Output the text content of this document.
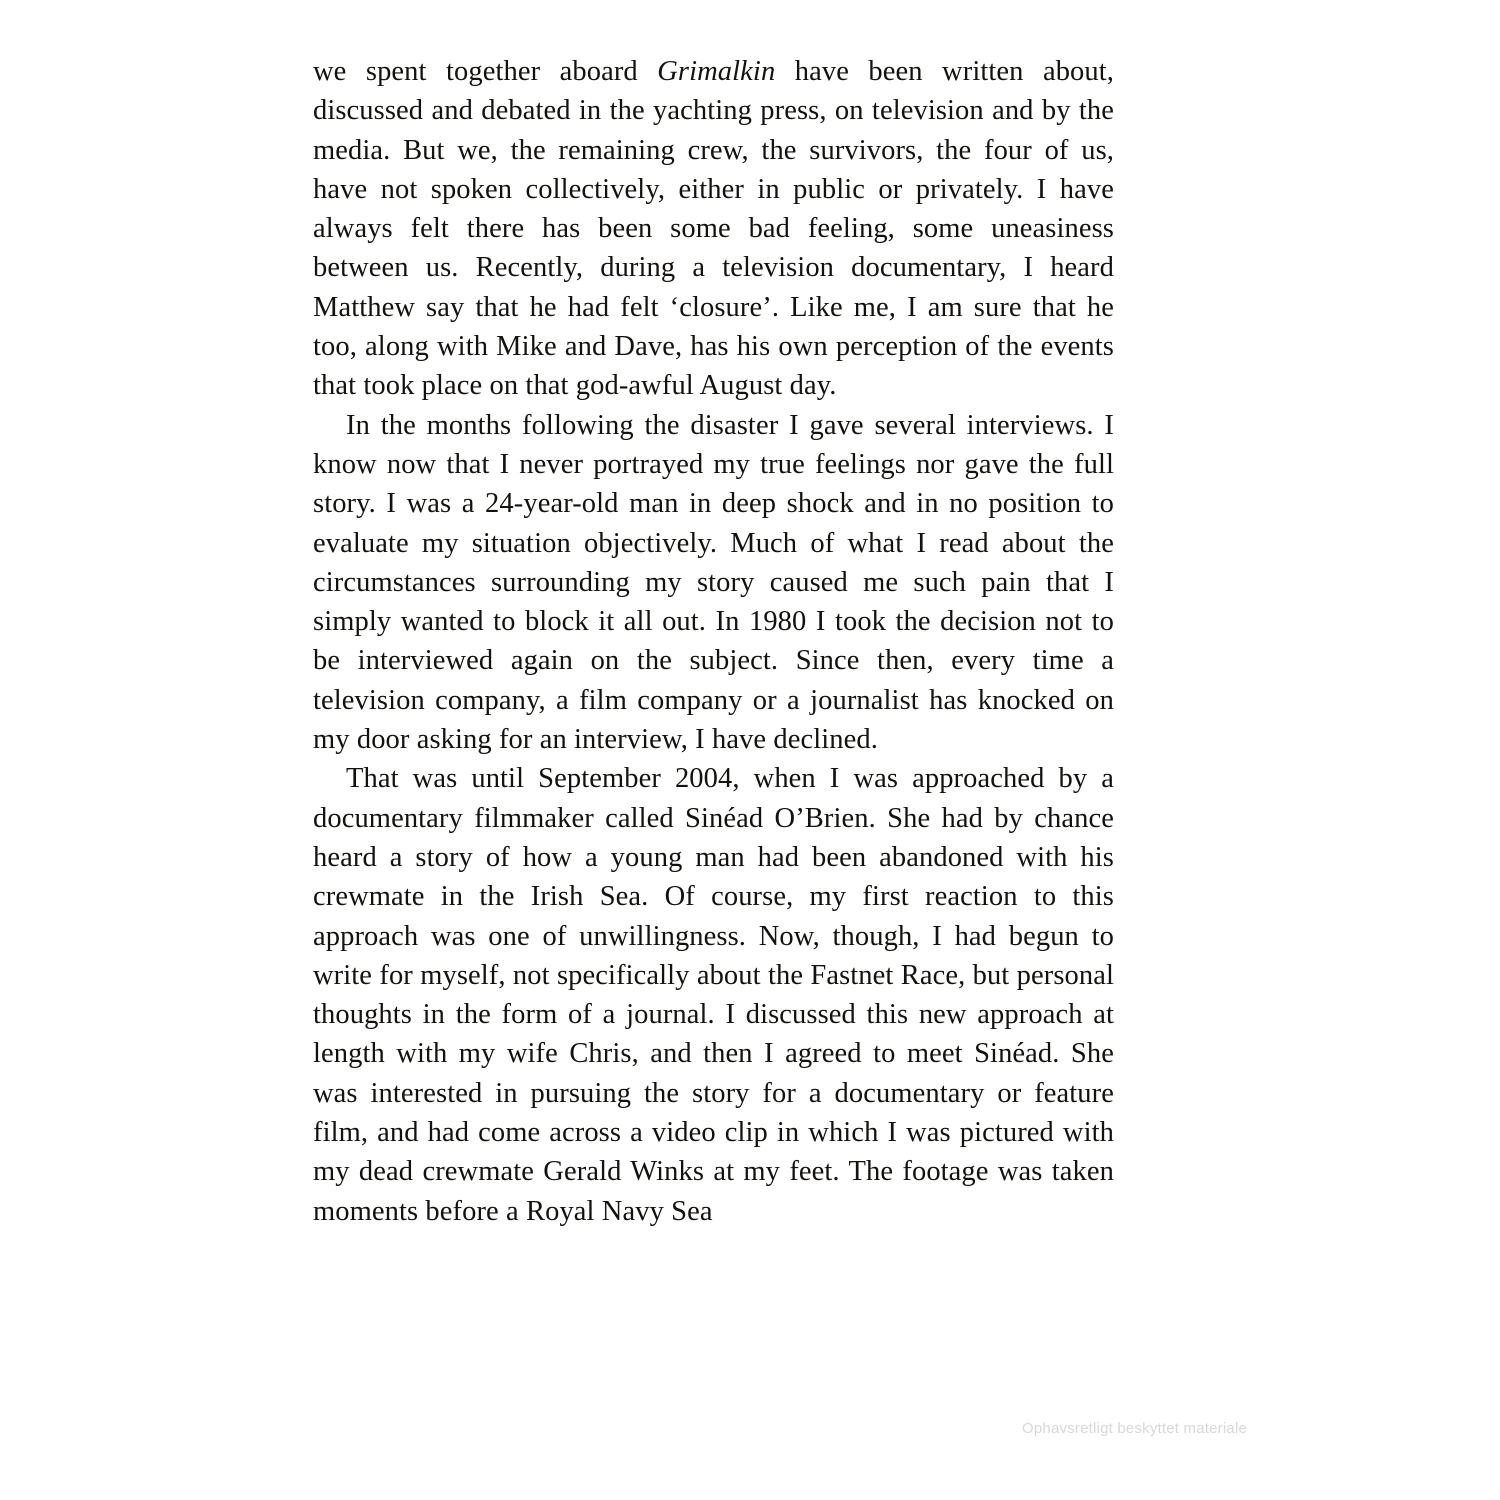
we spent together aboard Grimalkin have been written about, discussed and debated in the yachting press, on television and by the media. But we, the remaining crew, the survivors, the four of us, have not spoken collectively, either in public or privately. I have always felt there has been some bad feeling, some uneasiness between us. Recently, during a television documentary, I heard Matthew say that he had felt ‘closure’. Like me, I am sure that he too, along with Mike and Dave, has his own perception of the events that took place on that god-awful August day.

In the months following the disaster I gave several interviews. I know now that I never portrayed my true feelings nor gave the full story. I was a 24-year-old man in deep shock and in no position to evaluate my situation objectively. Much of what I read about the circumstances surrounding my story caused me such pain that I simply wanted to block it all out. In 1980 I took the decision not to be interviewed again on the subject. Since then, every time a television company, a film company or a journalist has knocked on my door asking for an interview, I have declined.

That was until September 2004, when I was approached by a documentary filmmaker called Sinéad O’Brien. She had by chance heard a story of how a young man had been abandoned with his crewmate in the Irish Sea. Of course, my first reaction to this approach was one of unwillingness. Now, though, I had begun to write for myself, not specifically about the Fastnet Race, but personal thoughts in the form of a journal. I discussed this new approach at length with my wife Chris, and then I agreed to meet Sinéad. She was interested in pursuing the story for a documentary or feature film, and had come across a video clip in which I was pictured with my dead crewmate Gerald Winks at my feet. The footage was taken moments before a Royal Navy Sea

Ophavsretligt beskyttet materiale
